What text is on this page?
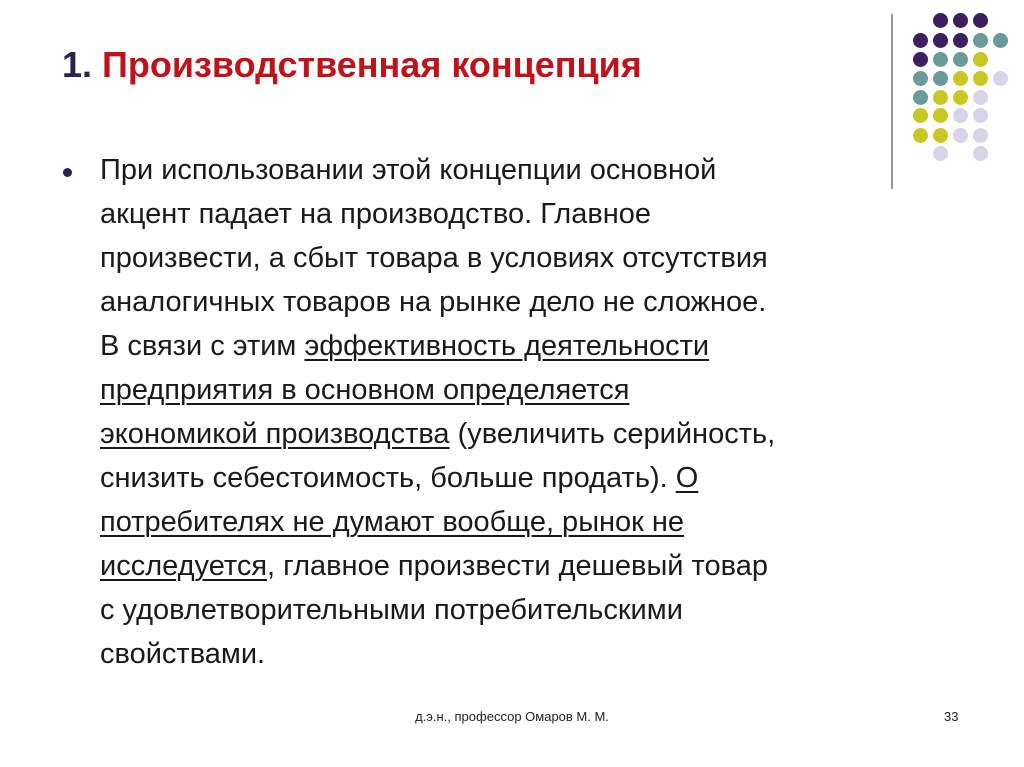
1. Производственная концепция
При использовании этой концепции основной
акцент падает на производство. Главное
произвести, а сбыт товара в условиях отсутствия
аналогичных товаров на рынке дело не сложное.
В связи с этим эффективность деятельности
предприятия в основном определяется
экономикой производства (увеличить серийность,
снизить себестоимость, больше продать). О
потребителях не думают вообще, рынок не
исследуется, главное произвести дешевый товар
с удовлетворительными потребительскими
свойствами.
д.э.н., профессор Омаров М. М.	33
